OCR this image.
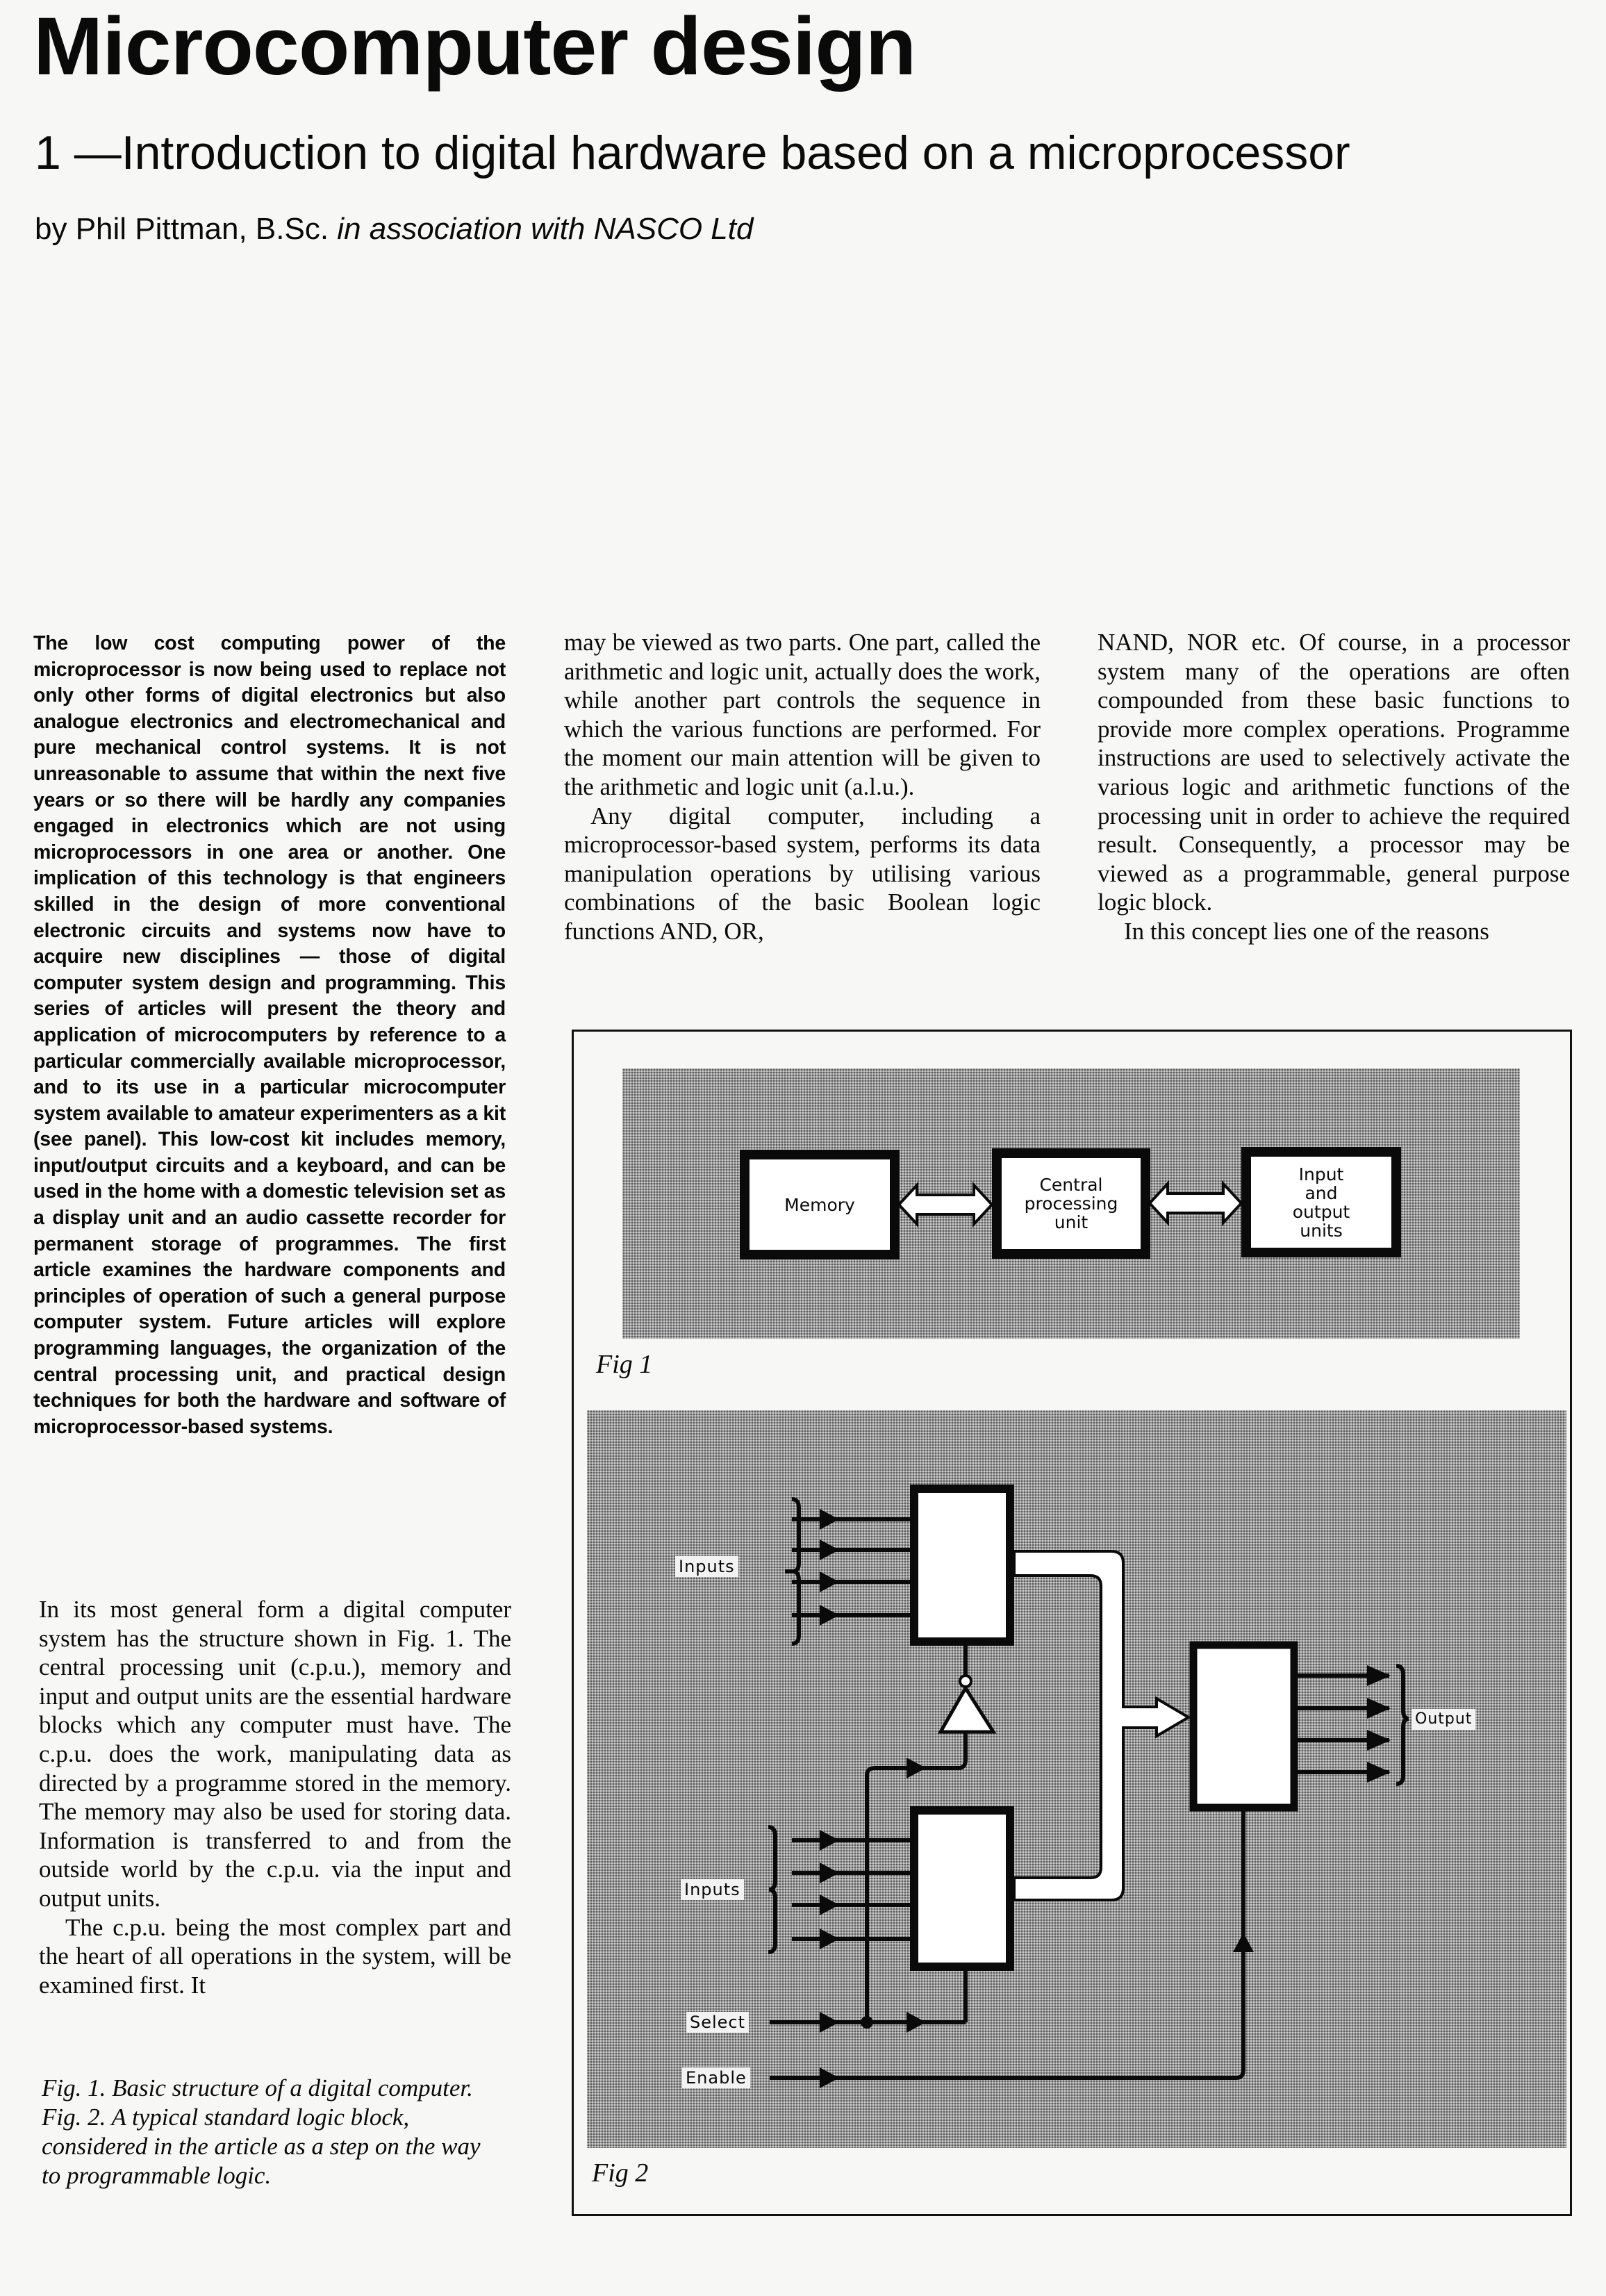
Microcomputer design
1 —Introduction to digital hardware based on a microprocessor
by Phil Pittman, B.Sc. in association with NASCO Ltd
The low cost computing power of the microprocessor is now being used to replace not only other forms of digital electronics but also analogue electronics and electromechanical and pure mechanical control systems. It is not unreasonable to assume that within the next five years or so there will be hardly any companies engaged in electronics which are not using microprocessors in one area or another. One implication of this technology is that engineers skilled in the design of more conventional electronic circuits and systems now have to acquire new disciplines — those of digital computer system design and programming. This series of articles will present the theory and application of microcomputers by reference to a particular commercially available microprocessor, and to its use in a particular microcomputer system available to amateur experimenters as a kit (see panel). This low-cost kit includes memory, input/output circuits and a keyboard, and can be used in the home with a domestic television set as a display unit and an audio cassette recorder for permanent storage of programmes. The first article examines the hardware components and principles of operation of such a general purpose computer system. Future articles will explore programming languages, the organization of the central processing unit, and practical design techniques for both the hardware and software of microprocessor-based systems.

In its most general form a digital computer system has the structure shown in Fig. 1. The central processing unit (c.p.u.), memory and input and output units are the essential hardware blocks which any computer must have. The c.p.u. does the work, manipulating data as directed by a programme stored in the memory. The memory may also be used for storing data. Information is transferred to and from the outside world by the c.p.u. via the input and output units.

The c.p.u. being the most complex part and the heart of all operations in the system, will be examined first. It

Fig. 1. Basic structure of a digital computer.

Fig. 2. A typical standard logic block, considered in the article as a step on the way to programmable logic.

may be viewed as two parts. One part, called the arithmetic and logic unit, actually does the work, while another part controls the sequence in which the various functions are performed. For the moment our main attention will be given to the arithmetic and logic unit (a.l.u.).

Any digital computer, including a microprocessor-based system, performs its data manipulation operations by utilising various combinations of the basic Boolean logic functions AND, OR,

NAND, NOR etc. Of course, in a processor system many of the operations are often compounded from these basic functions to provide more complex operations. Programme instructions are used to selectively activate the various logic and arithmetic functions of the processing unit in order to achieve the required result. Consequently, a processor may be viewed as a programmable, general purpose logic block.

In this concept lies one of the reasons

Memory
Central
processing
unit
Input
and
output
units
Fig 1
Inputs
Inputs
Select
Enable
Output
Fig 2
